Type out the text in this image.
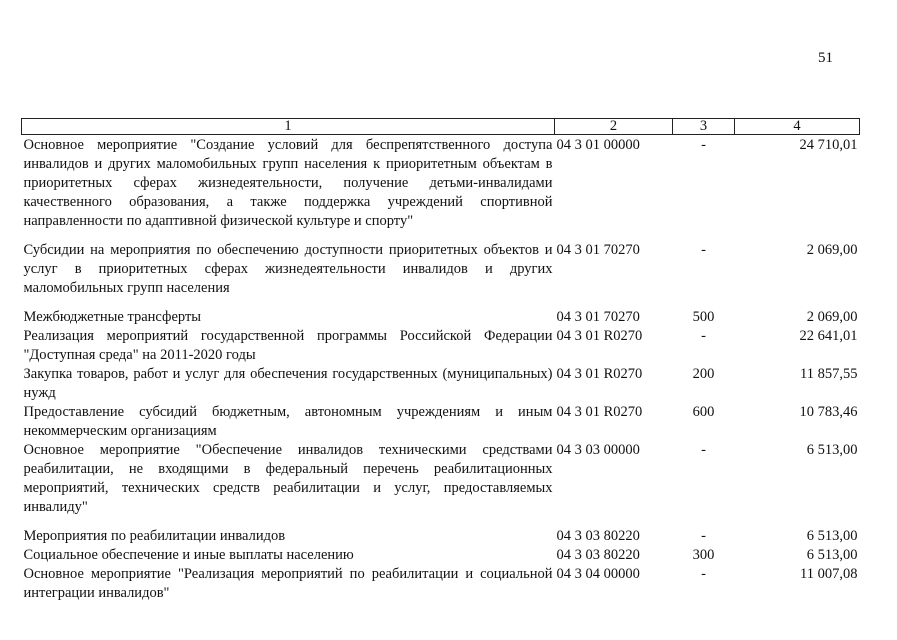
51
1	2	3	4
Основное мероприятие "Создание условий для беспрепятственного доступа инвалидов и других маломобильных групп населения к приоритетным объектам в приоритетных сферах жизнедеятельности, получение детьми-инвалидами качественного образования, а также поддержка учреждений спортивной направленности по адаптивной физической культуре и спорту"	04 3 01 00000	-	24 710,01
Субсидии на мероприятия по обеспечению доступности приоритетных объектов и услуг в приоритетных сферах жизнедеятельности инвалидов и других маломобильных групп населения	04 3 01 70270	-	2 069,00
Межбюджетные трансферты	04 3 01 70270	500	2 069,00
Реализация мероприятий государственной программы Российской Федерации "Доступная среда" на 2011-2020 годы	04 3 01 R0270	-	22 641,01
Закупка товаров, работ и услуг для обеспечения государственных (муниципальных) нужд	04 3 01 R0270	200	11 857,55
Предоставление субсидий бюджетным, автономным учреждениям и иным некоммерческим организациям	04 3 01 R0270	600	10 783,46
Основное мероприятие "Обеспечение инвалидов техническими средствами реабилитации, не входящими в федеральный перечень реабилитационных мероприятий, технических средств реабилитации и услуг, предоставляемых инвалиду"	04 3 03 00000	-	6 513,00
Мероприятия по реабилитации инвалидов	04 3 03 80220	-	6 513,00
Социальное обеспечение и иные выплаты населению	04 3 03 80220	300	6 513,00
Основное мероприятие "Реализация мероприятий по реабилитации и социальной интеграции инвалидов"	04 3 04 00000	-	11 007,08
